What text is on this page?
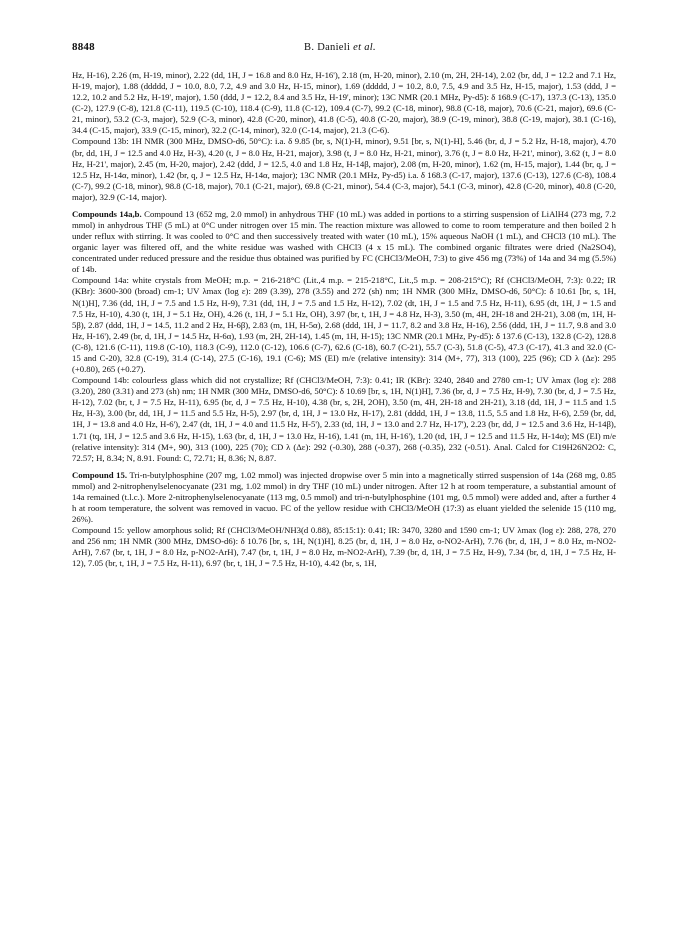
8848	B. Danieli et al.

Hz, H-16), 2.26 (m, H-19, minor), 2.22 (dd, 1H, J = 16.8 and 8.0 Hz, H-16'), 2.18 (m, H-20, minor), 2.10 (m, 2H, 2H-14), 2.02 (br, dd, J = 12.2 and 7.1 Hz, H-19, major), 1.88 (ddddd, J = 10.0, 8.0, 7.2, 4.9 and 3.0 Hz, H-15, minor), 1.69 (ddddd, J = 10.2, 8.0, 7.5, 4.9 and 3.5 Hz, H-15, major), 1.53 (ddd, J = 12.2, 10.2 and 5.2 Hz, H-19', major), 1.50 (ddd, J = 12.2, 8.4 and 3.5 Hz, H-19', minor); 13C NMR (20.1 MHz, Py-d5): δ 168.9 (C-17), 137.3 (C-13), 135.0 (C-2), 127.9 (C-8), 121.8 (C-11), 119.5 (C-10), 118.4 (C-9), 11.8 (C-12), 109.4 (C-7), 99.2 (C-18, minor), 98.8 (C-18, major), 70.6 (C-21, major), 69.6 (C-21, minor), 53.2 (C-3, major), 52.9 (C-3, minor), 42.8 (C-20, minor), 41.8 (C-5), 40.8 (C-20, major), 38.9 (C-19, minor), 38.8 (C-19, major), 38.1 (C-16), 34.4 (C-15, major), 33.9 (C-15, minor), 32.2 (C-14, minor), 32.0 (C-14, major), 21.3 (C-6).

Compound 13b: 1H NMR (300 MHz, DMSO-d6, 50°C): i.a. δ 9.85 (br, s, N(1)-H, minor), 9.51 [br, s, N(1)-H], 5.46 (br, d, J = 5.2 Hz, H-18, major), 4.70 (br, dd, 1H, J = 12.5 and 4.0 Hz, H-3), 4.20 (t, J = 8.0 Hz, H-21, major), 3.98 (t, J = 8.0 Hz, H-21, minor), 3.76 (t, J = 8.0 Hz, H-21', minor), 3.62 (t, J = 8.0 Hz, H-21', major), 2.45 (m, H-20, major), 2.42 (ddd, J = 12.5, 4.0 and 1.8 Hz, H-14β, major), 2.08 (m, H-20, minor), 1.62 (m, H-15, major), 1.44 (br, q, J = 12.5 Hz, H-14α, minor), 1.42 (br, q, J = 12.5 Hz, H-14α, major); 13C NMR (20.1 MHz, Py-d5) i.a. δ 168.3 (C-17, major), 137.6 (C-13), 127.6 (C-8), 108.4 (C-7), 99.2 (C-18, minor), 98.8 (C-18, major), 70.1 (C-21, major), 69.8 (C-21, minor), 54.4 (C-3, major), 54.1 (C-3, minor), 42.8 (C-20, minor), 40.8 (C-20, major), 32.9 (C-14, major).

Compounds 14a,b. Compound 13 (652 mg, 2.0 mmol) in anhydrous THF (10 mL) was added in portions to a stirring suspension of LiAlH4 (273 mg, 7.2 mmol) in anhydrous THF (5 mL) at 0°C under nitrogen over 15 min. The reaction mixture was allowed to come to room temperature and then boiled 2 h under reflux with stirring. It was cooled to 0°C and then successively treated with water (10 mL), 15% aqueous NaOH (1 mL), and CHCl3 (10 mL). The organic layer was filtered off, and the white residue was washed with CHCl3 (4 x 15 mL). The combined organic filtrates were dried (Na2SO4), concentrated under reduced pressure and the residue thus obtained was purified by FC (CHCl3/MeOH, 7:3) to give 456 mg (73%) of 14a and 34 mg (5.5%) of 14b.

Compound 14a: white crystals from MeOH; m.p. = 216-218°C (Lit.,4 m.p. = 215-218°C, Lit.,5 m.p. = 208-215°C); Rf (CHCl3/MeOH, 7:3): 0.22; IR (KBr): 3600-300 (broad) cm-1; UV λmax (log ε): 289 (3.39), 278 (3.55) and 272 (sh) nm; 1H NMR (300 MHz, DMSO-d6, 50°C): δ 10.61 [br, s, 1H, N(1)H], 7.36 (dd, 1H, J = 7.5 and 1.5 Hz, H-9), 7.31 (dd, 1H, J = 7.5 and 1.5 Hz, H-12), 7.02 (dt, 1H, J = 1.5 and 7.5 Hz, H-11), 6.95 (dt, 1H, J = 1.5 and 7.5 Hz, H-10), 4.30 (t, 1H, J = 5.1 Hz, OH), 4.26 (t, 1H, J = 5.1 Hz, OH), 3.97 (br, t, 1H, J = 4.8 Hz, H-3), 3.50 (m, 4H, 2H-18 and 2H-21), 3.08 (m, 1H, H-5β), 2.87 (ddd, 1H, J = 14.5, 11.2 and 2 Hz, H-6β), 2.83 (m, 1H, H-5α), 2.68 (ddd, 1H, J = 11.7, 8.2 and 3.8 Hz, H-16), 2.56 (ddd, 1H, J = 11.7, 9.8 and 3.0 Hz, H-16'), 2.49 (br, d, 1H, J = 14.5 Hz, H-6α), 1.93 (m, 2H, 2H-14), 1.45 (m, 1H, H-15); 13C NMR (20.1 MHz, Py-d5): δ 137.6 (C-13), 132.8 (C-2), 128.8 (C-8), 121.6 (C-11), 119.8 (C-10), 118.3 (C-9), 112.0 (C-12), 106.6 (C-7), 62.6 (C-18), 60.7 (C-21), 55.7 (C-3), 51.8 (C-5), 47.3 (C-17), 41.3 and 32.0 (C-15 and C-20), 32.8 (C-19), 31.4 (C-14), 27.5 (C-16), 19.1 (C-6); MS (EI) m/e (relative intensity): 314 (M+, 77), 313 (100), 225 (96); CD λ (Δε): 295 (+0.80), 265 (+0.27).

Compound 14b: colourless glass which did not crystallize; Rf (CHCl3/MeOH, 7:3): 0.41; IR (KBr): 3240, 2840 and 2780 cm-1; UV λmax (log ε): 288 (3.20), 280 (3.31) and 273 (sh) nm; 1H NMR (300 MHz, DMSO-d6, 50°C): δ 10.69 [br, s, 1H, N(1)H], 7.36 (br, d, J = 7.5 Hz, H-9), 7.30 (br, d, J = 7.5 Hz, H-12), 7.02 (br, t, J = 7.5 Hz, H-11), 6.95 (br, d, J = 7.5 Hz, H-10), 4.38 (br, s, 2H, 2OH), 3.50 (m, 4H, 2H-18 and 2H-21), 3.18 (dd, 1H, J = 11.5 and 1.5 Hz, H-3), 3.00 (br, dd, 1H, J = 11.5 and 5.5 Hz, H-5), 2.97 (br, d, 1H, J = 13.0 Hz, H-17), 2.81 (dddd, 1H, J = 13.8, 11.5, 5.5 and 1.8 Hz, H-6), 2.59 (br, dd, 1H, J = 13.8 and 4.0 Hz, H-6'), 2.47 (dt, 1H, J = 4.0 and 11.5 Hz, H-5'), 2.33 (td, 1H, J = 13.0 and 2.7 Hz, H-17'), 2.23 (br, dd, J = 12.5 and 3.6 Hz, H-14β), 1.71 (tq, 1H, J = 12.5 and 3.6 Hz, H-15), 1.63 (br, d, 1H, J = 13.0 Hz, H-16), 1.41 (m, 1H, H-16'), 1.20 (td, 1H, J = 12.5 and 11.5 Hz, H-14α); MS (EI) m/e (relative intensity): 314 (M+, 90), 313 (100), 225 (70); CD λ (Δε): 292 (-0.30), 288 (-0.37), 268 (-0.35), 232 (-0.51). Anal. Calcd for C19H26N2O2: C, 72.57; H, 8.34; N, 8.91. Found: C, 72.71; H, 8.36; N, 8.87.

Compound 15. Tri-n-butylphosphine (207 mg, 1.02 mmol) was injected dropwise over 5 min into a magnetically stirred suspension of 14a (268 mg, 0.85 mmol) and 2-nitrophenylselenocyanate (231 mg, 1.02 mmol) in dry THF (10 mL) under nitrogen. After 12 h at room temperature, a substantial amount of 14a remained (t.l.c.). More 2-nitrophenylselenocyanate (113 mg, 0.5 mmol) and tri-n-butylphosphine (101 mg, 0.5 mmol) were added and, after a further 4 h at room temperature, the solvent was removed in vacuo. FC of the yellow residue with CHCl3/MeOH (17:3) as eluant yielded the selenide 15 (110 mg, 26%).

Compound 15: yellow amorphous solid; Rf (CHCl3/MeOH/NH3(d 0.88), 85:15:1): 0.41; IR: 3470, 3280 and 1590 cm-1; UV λmax (log ε): 288, 278, 270 and 256 nm; 1H NMR (300 MHz, DMSO-d6): δ 10.76 [br, s, 1H, N(1)H], 8.25 (br, d, 1H, J = 8.0 Hz, o-NO2-ArH), 7.76 (br, d, 1H, J = 8.0 Hz, m-NO2-ArH), 7.67 (br, t, 1H, J = 8.0 Hz, p-NO2-ArH), 7.47 (br, t, 1H, J = 8.0 Hz, m-NO2-ArH), 7.39 (br, d, 1H, J = 7.5 Hz, H-9), 7.34 (br, d, 1H, J = 7.5 Hz, H-12), 7.05 (br, t, 1H, J = 7.5 Hz, H-11), 6.97 (br, t, 1H, J = 7.5 Hz, H-10), 4.42 (br, s, 1H,
